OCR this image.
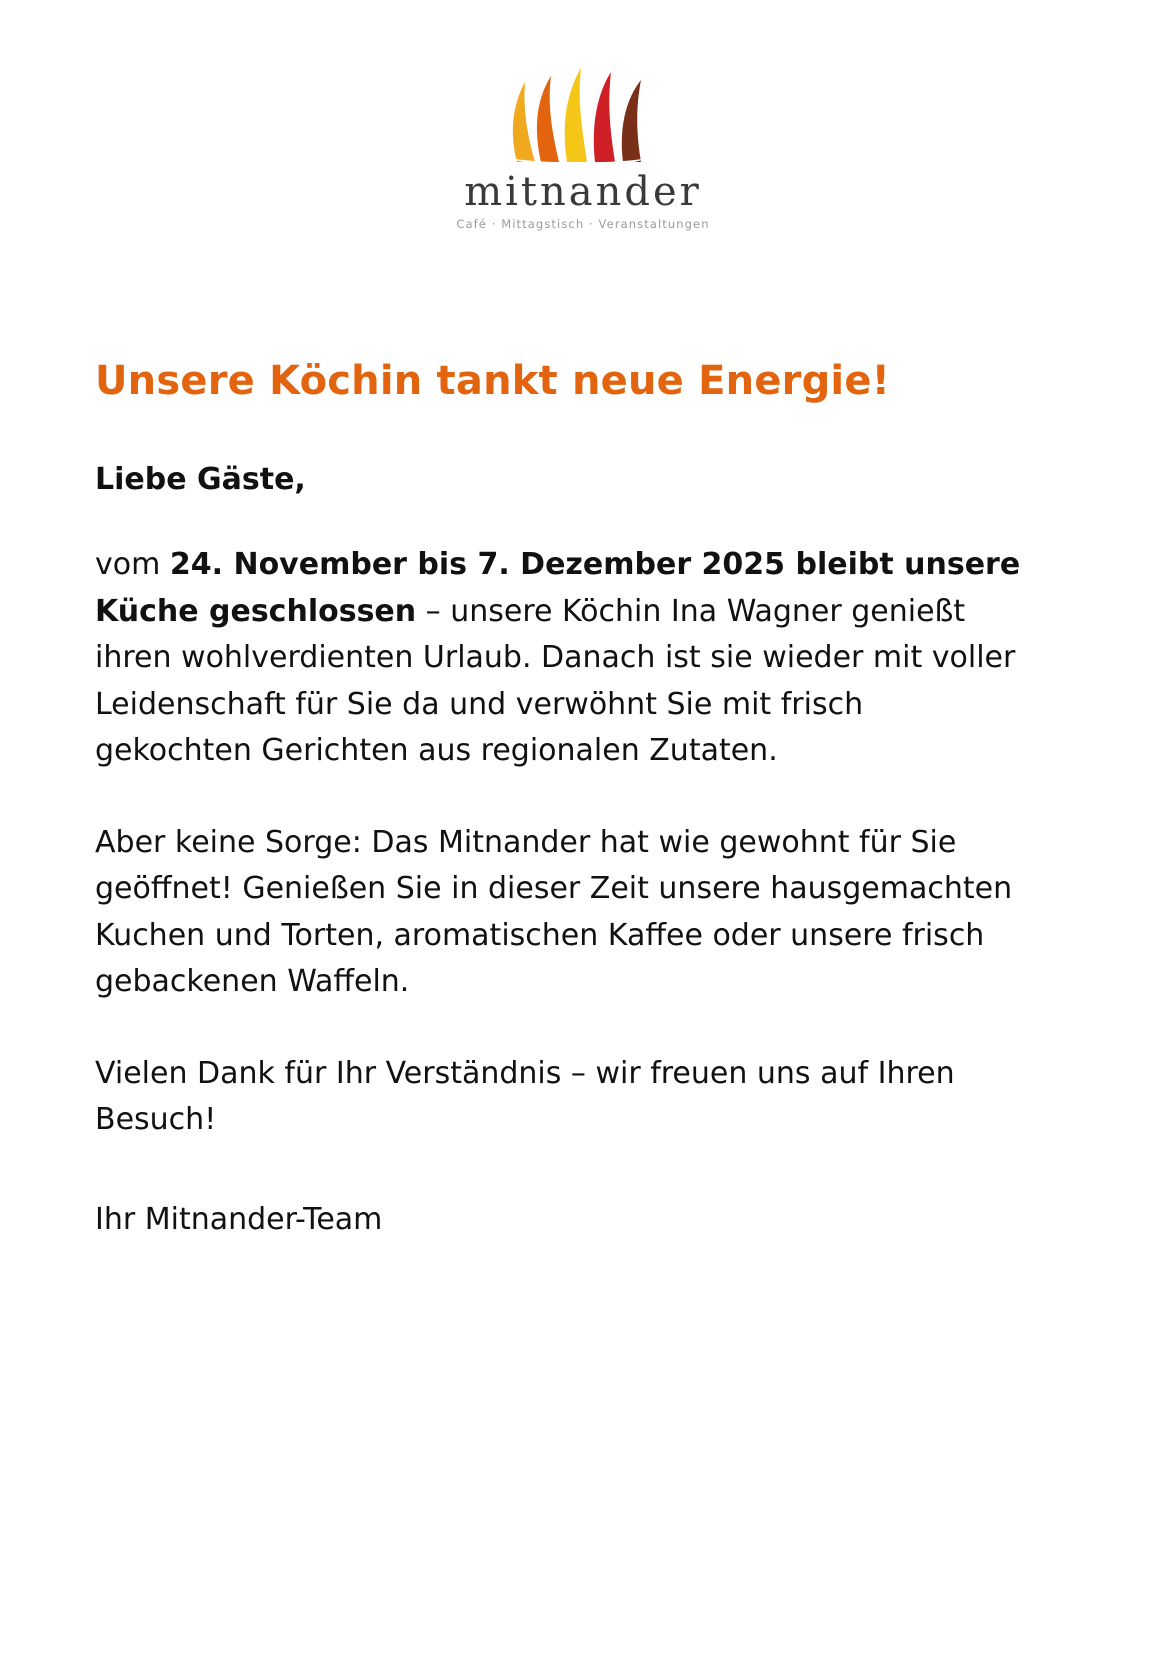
mitnander
Café · Mittagstisch · Veranstaltungen
Unsere Köchin tankt neue Energie!

Liebe Gäste,

vom 24. November bis 7. Dezember 2025 bleibt unsere Küche geschlossen – unsere Köchin Ina Wagner genießt ihren wohlverdienten Urlaub. Danach ist sie wieder mit voller Leidenschaft für Sie da und verwöhnt Sie mit frisch gekochten Gerichten aus regionalen Zutaten.

Aber keine Sorge: Das Mitnander hat wie gewohnt für Sie geöffnet! Genießen Sie in dieser Zeit unsere hausgemachten Kuchen und Torten, aromatischen Kaffee oder unsere frisch gebackenen Waffeln.

Vielen Dank für Ihr Verständnis – wir freuen uns auf Ihren Besuch!

Ihr Mitnander-Team
